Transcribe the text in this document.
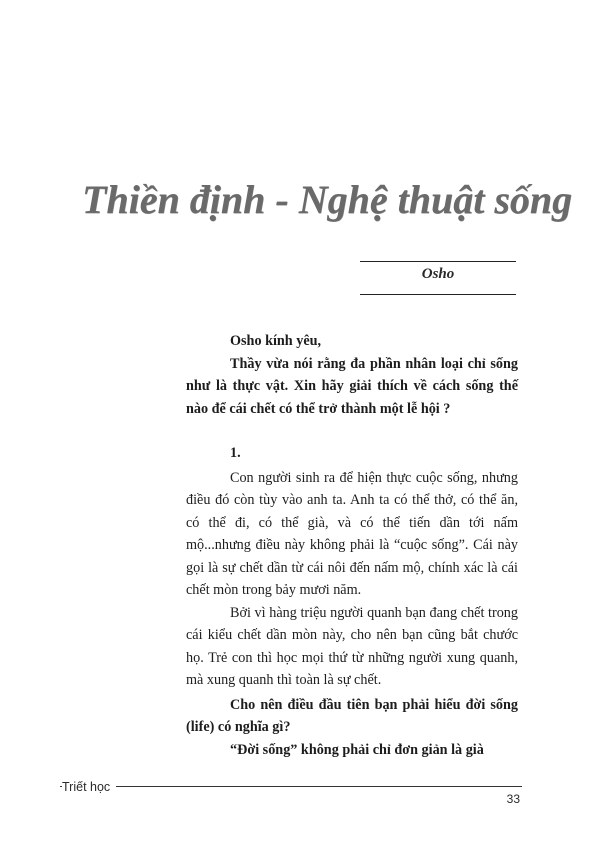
Thiền định - Nghệ thuật sống
Osho

Osho kính yêu,

Thầy vừa nói rằng đa phần nhân loại chỉ sống như là thực vật. Xin hãy giải thích về cách sống thế nào để cái chết có thể trở thành một lễ hội ?

1.

Con người sinh ra để hiện thực cuộc sống, nhưng điều đó còn tùy vào anh ta. Anh ta có thể thở, có thể ăn, có thể đi, có thể già, và có thể tiến dần tới nấm mộ...nhưng điều này không phải là “cuộc sống”. Cái này gọi là sự chết dần từ cái nôi đến nấm mộ, chính xác là cái chết mòn trong bảy mươi năm.

Bởi vì hàng triệu người quanh bạn đang chết trong cái kiểu chết dần mòn này, cho nên bạn cũng bắt chước họ. Trẻ con thì học mọi thứ từ những người xung quanh, mà xung quanh thì toàn là sự chết.

Cho nên điều đầu tiên bạn phải hiểu đời sống (life) có nghĩa gì?

“Đời sống” không phải chỉ đơn giản là già

Triết học
33
